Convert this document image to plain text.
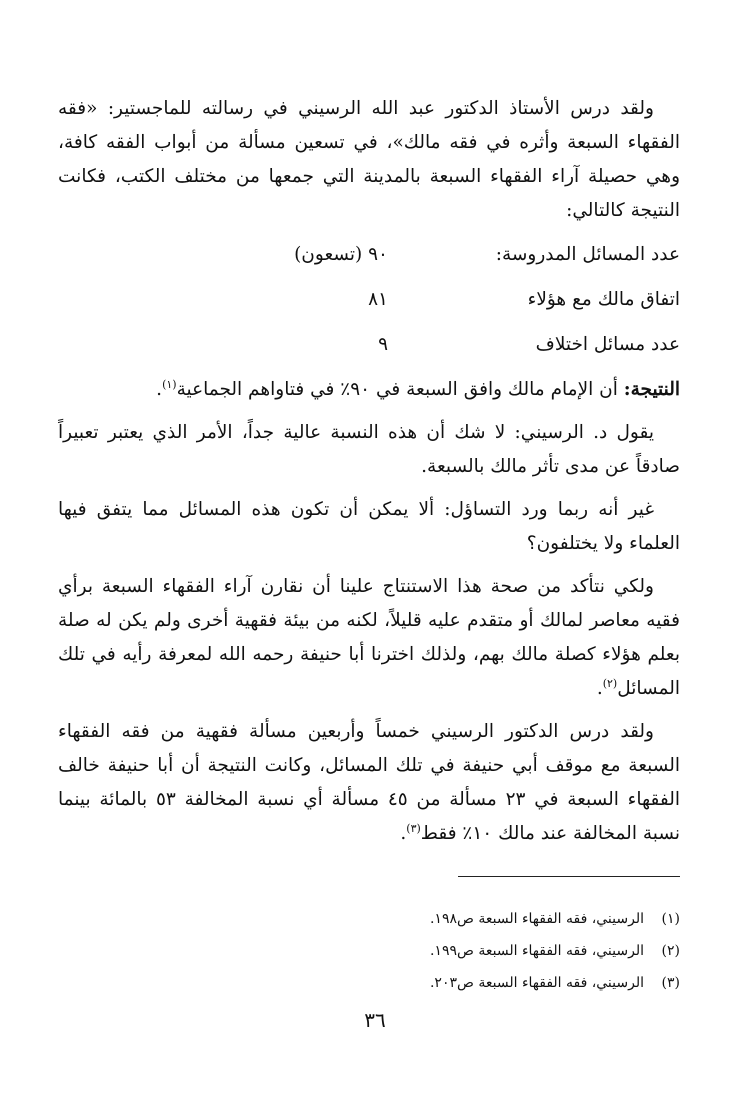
ولقد درس الأستاذ الدكتور عبد الله الرسيني في رسالته للماجستير: «فقه الفقهاء السبعة وأثره في فقه مالك»، في تسعين مسألة من أبواب الفقه كافة، وهي حصيلة آراء الفقهاء السبعة بالمدينة التي جمعها من مختلف الكتب، فكانت النتيجة كالتالي:

عدد المسائل المدروسة:
٩٠ (تسعون)
اتفاق مالك مع هؤلاء
٨١
عدد مسائل اختلاف
٩

النتيجة: أن الإمام مالك وافق السبعة في ٩٠٪ في فتاواهم الجماعية$^{(١)}$.

يقول د. الرسيني: لا شك أن هذه النسبة عالية جداً، الأمر الذي يعتبر تعبيراً صادقاً عن مدى تأثر مالك بالسبعة.

غير أنه ربما ورد التساؤل: ألا يمكن أن تكون هذه المسائل مما يتفق فيها العلماء ولا يختلفون؟

ولكي نتأكد من صحة هذا الاستنتاج علينا أن نقارن آراء الفقهاء السبعة برأي فقيه معاصر لمالك أو متقدم عليه قليلاً، لكنه من بيئة فقهية أخرى ولم يكن له صلة بعلم هؤلاء كصلة مالك بهم، ولذلك اخترنا أبا حنيفة رحمه الله لمعرفة رأيه في تلك المسائل$^{(٢)}$.

ولقد درس الدكتور الرسيني خمساً وأربعين مسألة فقهية من فقه الفقهاء السبعة مع موقف أبي حنيفة في تلك المسائل، وكانت النتيجة أن أبا حنيفة خالف الفقهاء السبعة في ٢٣ مسألة من ٤٥ مسألة أي نسبة المخالفة ٥٣ بالمائة بينما نسبة المخالفة عند مالك ١٠٪ فقط$^{(٣)}$.

(١)
الرسيني، فقه الفقهاء السبعة ص١٩٨.
(٢)
الرسيني، فقه الفقهاء السبعة ص١٩٩.
(٣)
الرسيني، فقه الفقهاء السبعة ص٢٠٣.
٣٦
